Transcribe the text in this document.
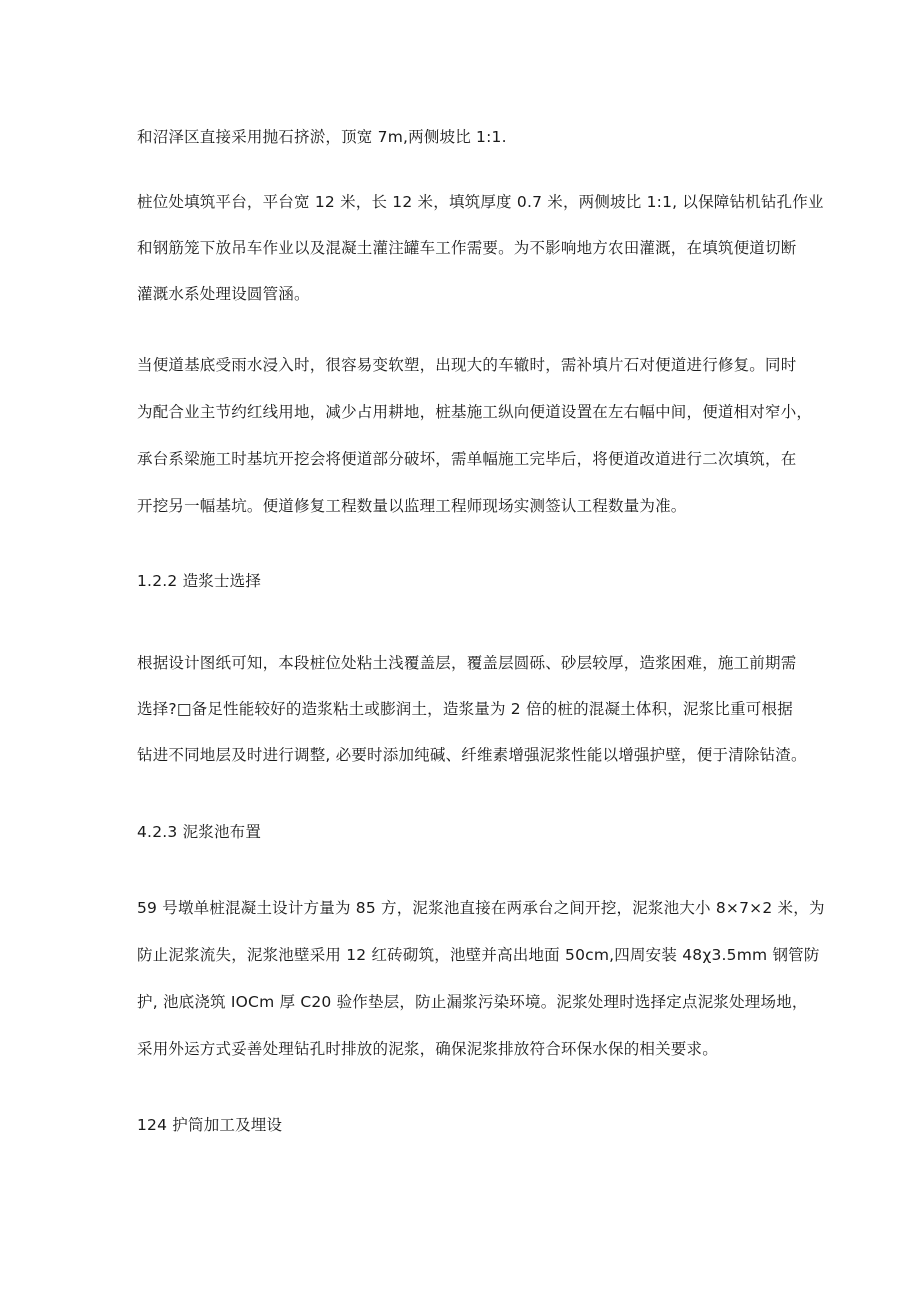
和沼泽区直接采用抛石挤淤，顶宽 7m,两侧坡比 1:1.
桩位处填筑平台，平台宽 12 米，长 12 米，填筑厚度 0.7 米，两侧坡比 1:1, 以保障钻机钻孔作业
和钢筋笼下放吊车作业以及混凝土灌注罐车工作需要。为不影响地方农田灌溉，在填筑便道切断
灌溉水系处理设圆管涵。
当便道基底受雨水浸入时，很容易变软塑，出现大的车辙时，需补填片石对便道进行修复。同时
为配合业主节约红线用地，减少占用耕地，桩基施工纵向便道设置在左右幅中间，便道相对窄小，
承台系梁施工时基坑开挖会将便道部分破坏，需单幅施工完毕后，将便道改道进行二次填筑，在
开挖另一幅基坑。便道修复工程数量以监理工程师现场实测签认工程数量为准。
1.2.2 造浆士选择
根据设计图纸可知，本段桩位处粘土浅覆盖层，覆盖层圆砾、砂层较厚，造浆困难，施工前期需
选择?□备足性能较好的造浆粘土或膨润土，造浆量为 2 倍的桩的混凝土体积，泥浆比重可根据
钻进不同地层及时进行调整, 必要时添加纯碱、纤维素增强泥浆性能以增强护壁，便于清除钻渣。
4.2.3 泥浆池布置
59 号墩单桩混凝土设计方量为 85 方，泥浆池直接在两承台之间开挖，泥浆池大小 8×7×2 米，为
防止泥浆流失，泥浆池壁采用 12 红砖砌筑，池壁并高出地面 50cm,四周安装 48χ3.5mm 钢管防
护, 池底浇筑 IOCm 厚 C20 验作垫层，防止漏浆污染环境。泥浆处理时选择定点泥浆处理场地，
采用外运方式妥善处理钻孔时排放的泥浆，确保泥浆排放符合环保水保的相关要求。
124 护筒加工及埋设
